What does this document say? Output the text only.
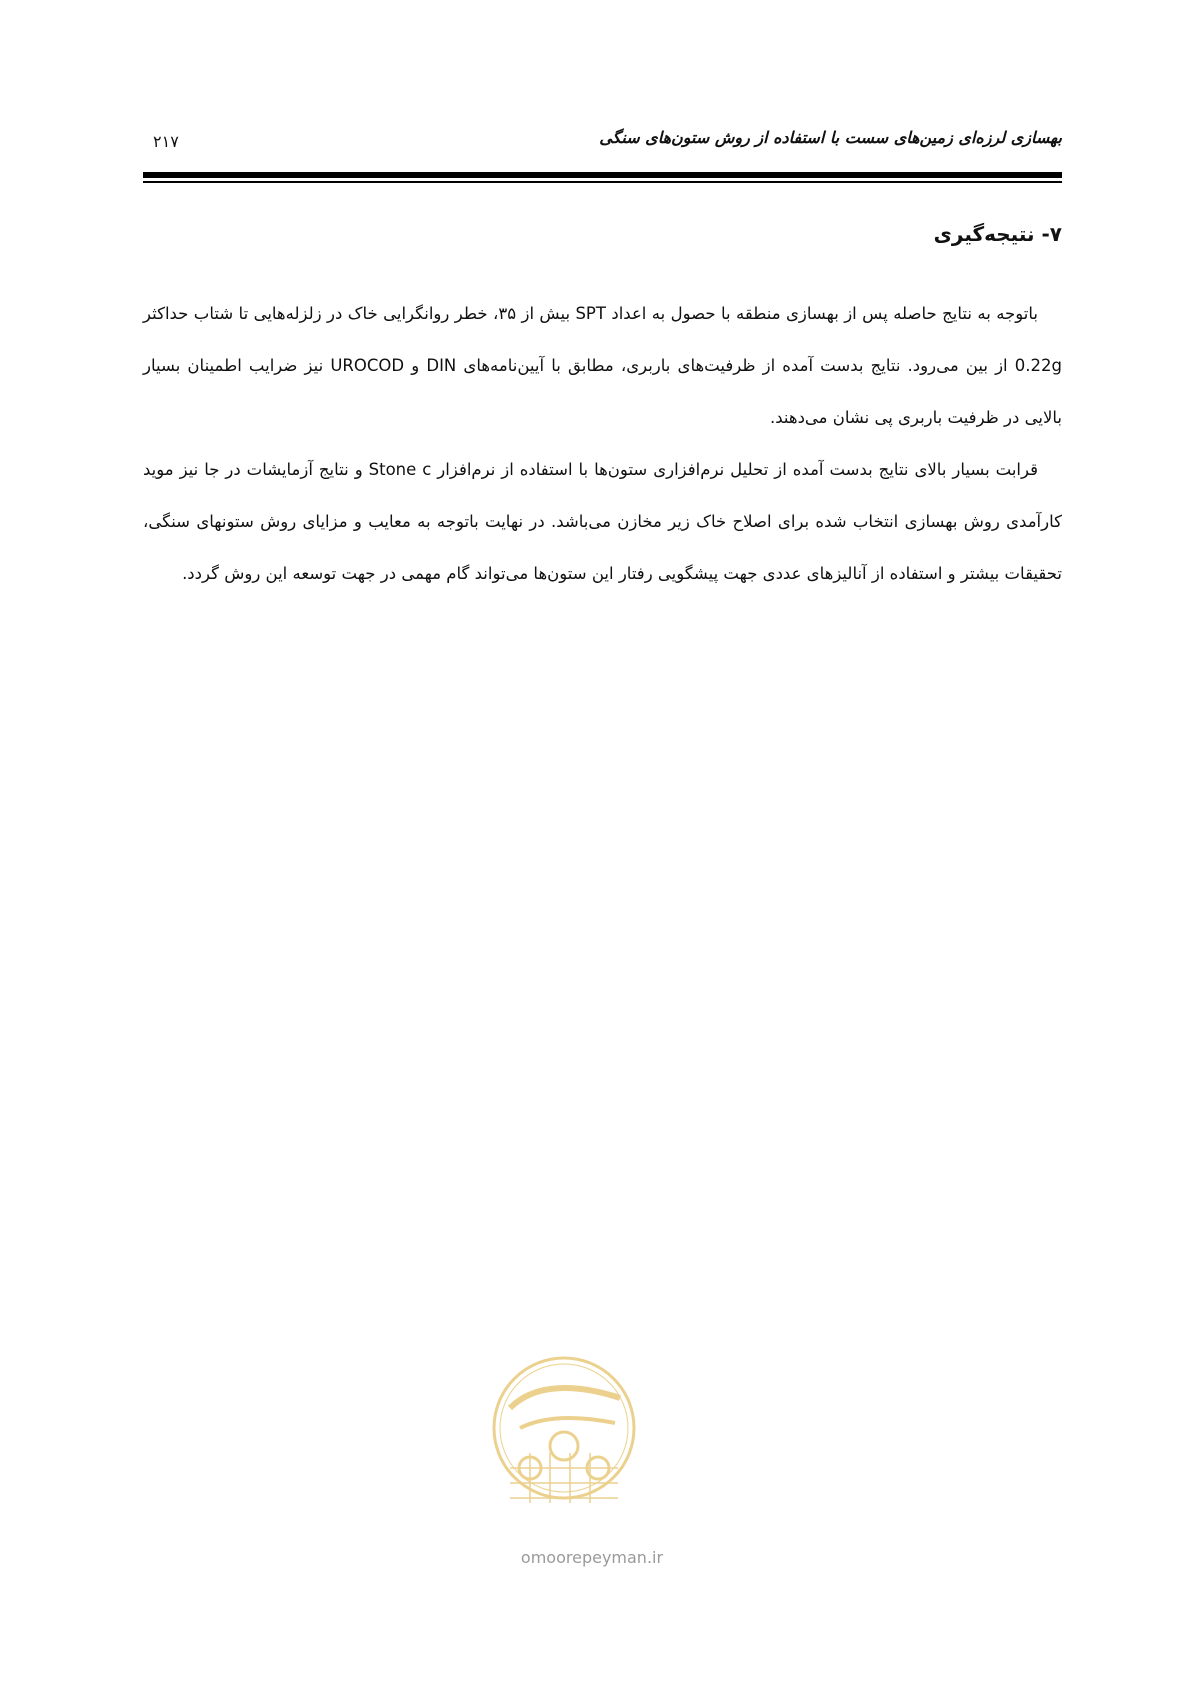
بهسازی لرزه‌ای زمین‌های سست با استفاده از روش ستون‌های سنگی
۲۱۷
۷- نتیجه‌گیری

باتوجه به نتایج حاصله پس از بهسازی منطقه با حصول به اعداد SPT بیش از ۳۵، خطر روانگرایی خاک در زلزله‌هایی تا شتاب حداکثر 0.22g از بین می‌رود. نتایج بدست آمده از ظرفیت‌های باربری، مطابق با آیین‌نامه‌های DIN و UROCOD نیز ضرایب اطمینان بسیار بالایی در ظرفیت باربری پی نشان می‌دهند.

قرابت بسیار بالای نتایج بدست آمده از تحلیل نرم‌افزاری ستون‌ها با استفاده از نرم‌افزار Stone c و نتایج آزمایشات در جا نیز موید کارآمدی روش بهسازی انتخاب شده برای اصلاح خاک زیر مخازن می‌باشد. در نهایت باتوجه به معایب و مزایای روش ستونهای سنگی، تحقیقات بیشتر و استفاده از آنالیزهای عددی جهت پیشگویی رفتار این ستون‌ها می‌تواند گام مهمی در جهت توسعه این روش گردد.

omoorepeyman.ir
